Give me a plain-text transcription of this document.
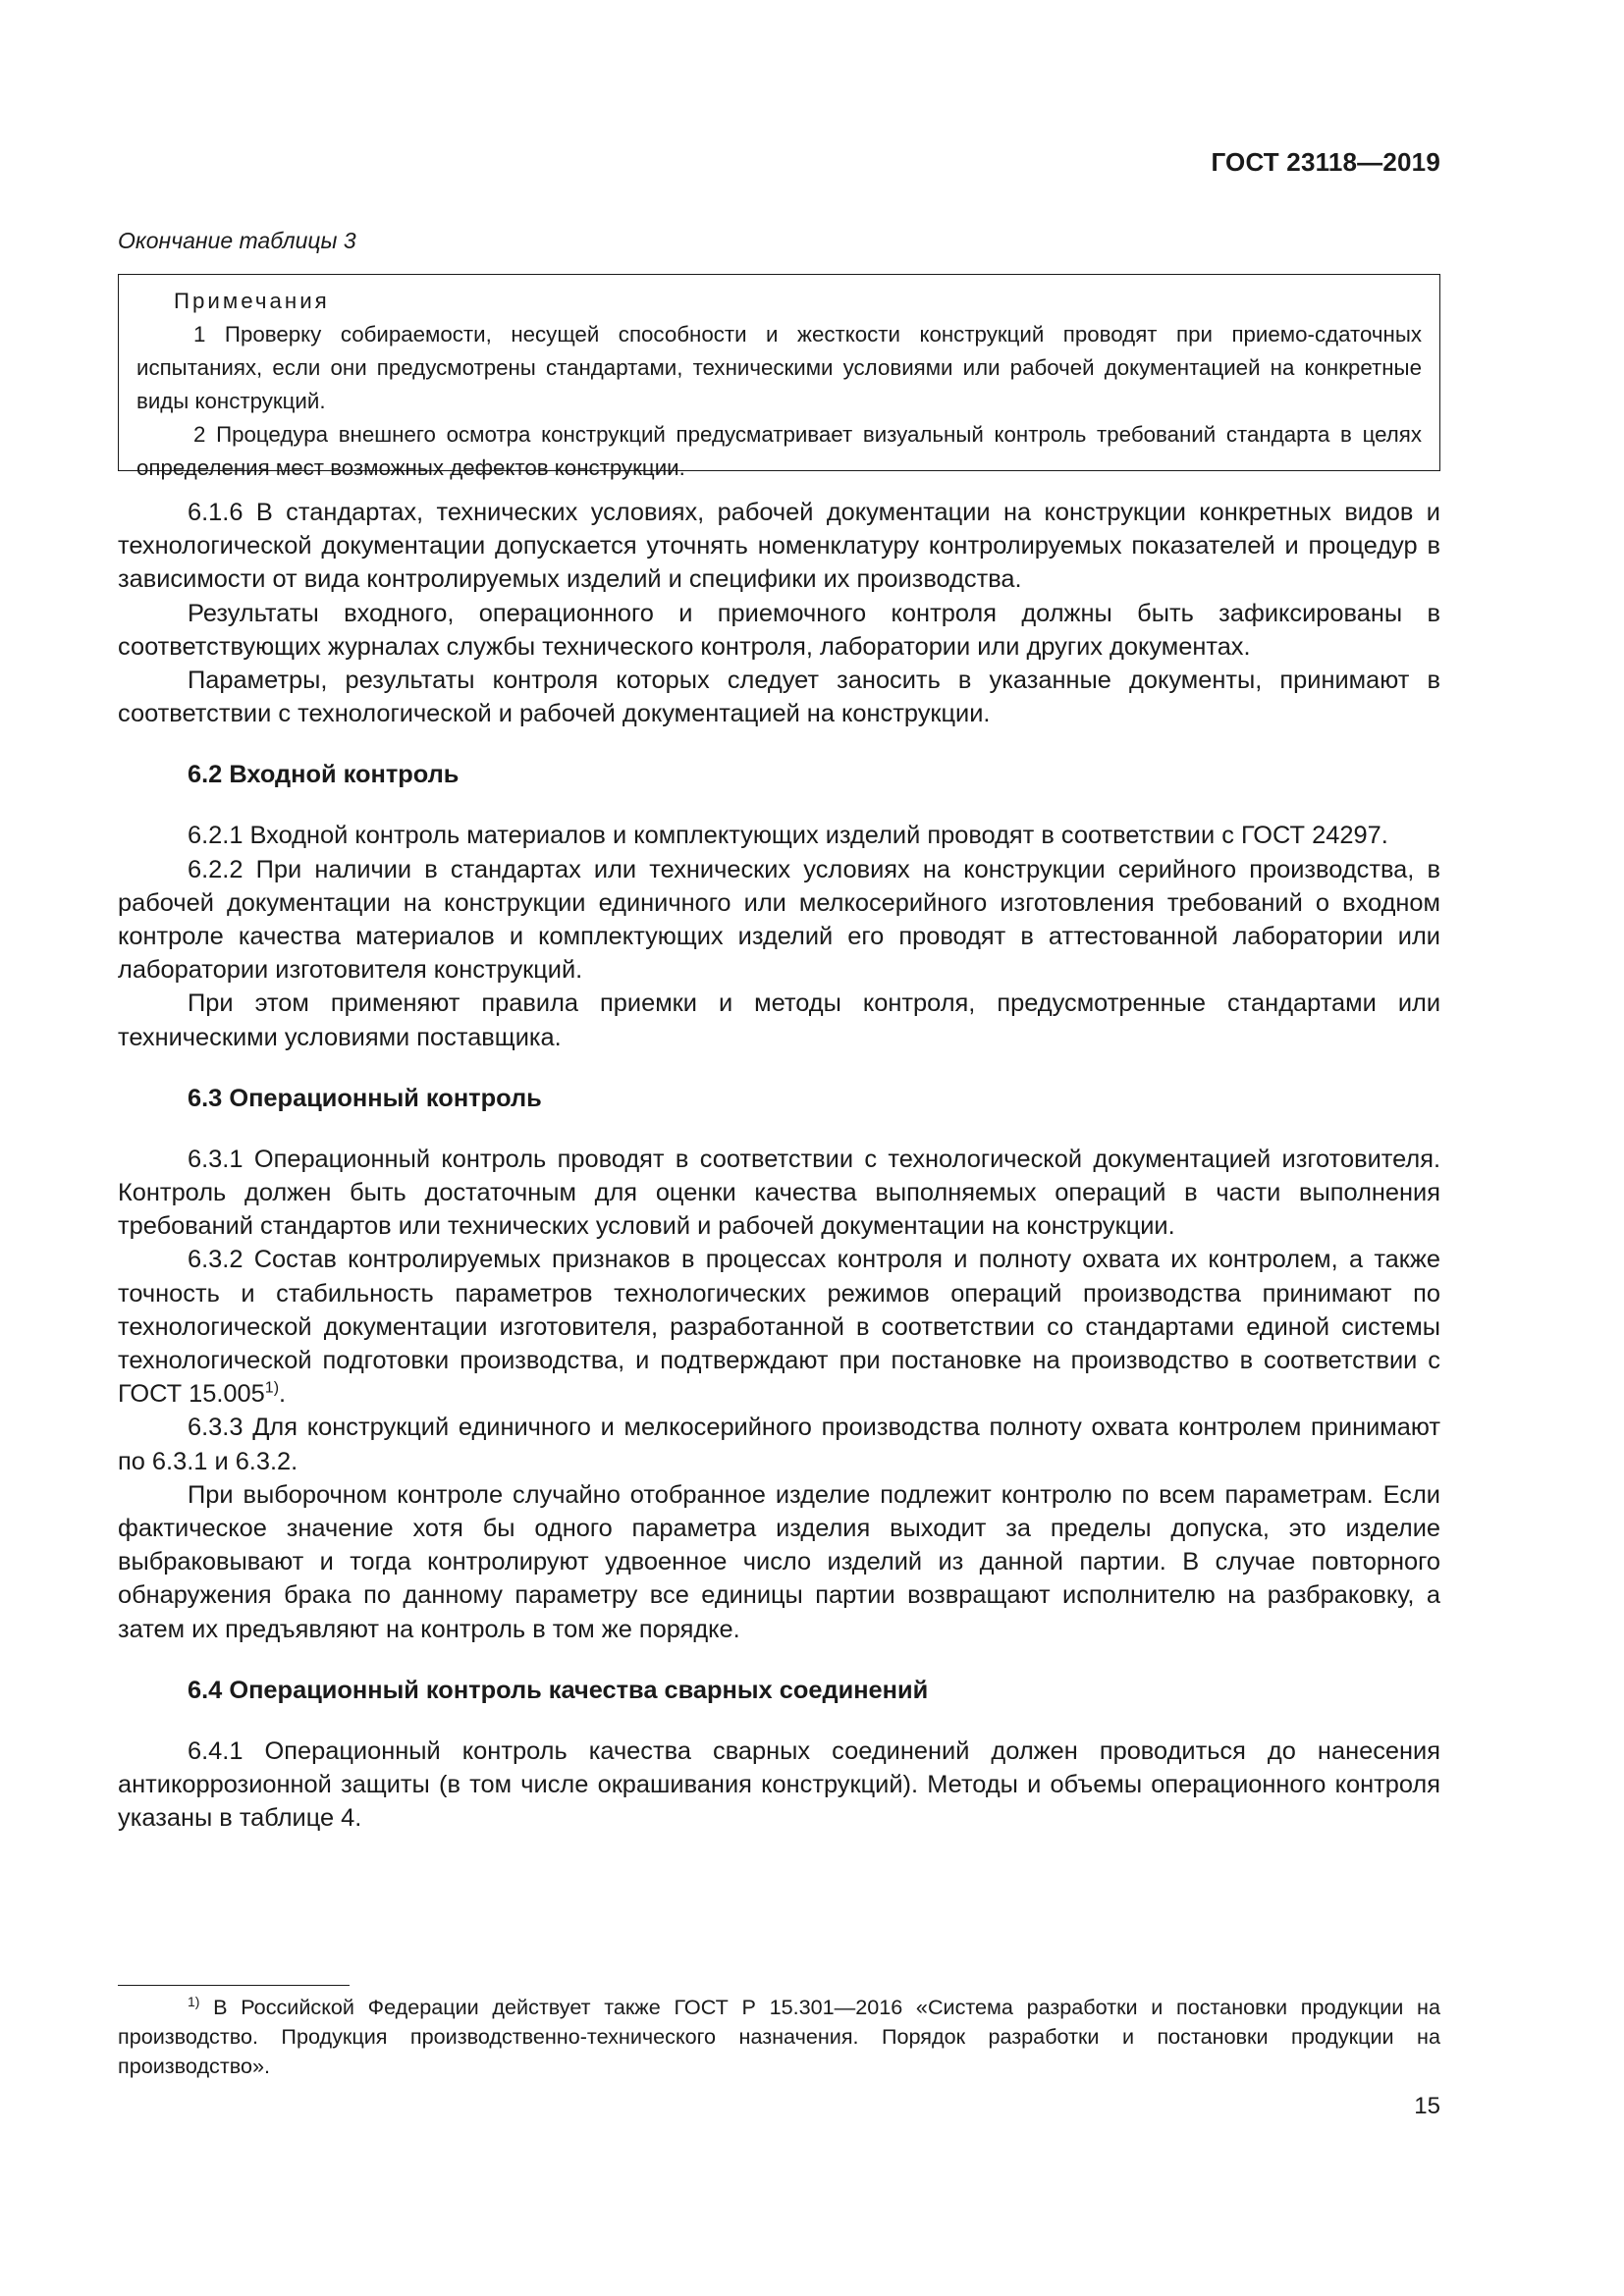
ГОСТ 23118—2019
Окончание таблицы 3
Примечания

1 Проверку собираемости, несущей способности и жесткости конструкций проводят при приемо-сдаточных испытаниях, если они предусмотрены стандартами, техническими условиями или рабочей документацией на конкретные виды конструкций.

2 Процедура внешнего осмотра конструкций предусматривает визуальный контроль требований стандарта в целях определения мест возможных дефектов конструкции.

6.1.6 В стандартах, технических условиях, рабочей документации на конструкции конкретных видов и технологической документации допускается уточнять номенклатуру контролируемых показателей и процедур в зависимости от вида контролируемых изделий и специфики их производства.

Результаты входного, операционного и приемочного контроля должны быть зафиксированы в соответствующих журналах службы технического контроля, лаборатории или других документах.

Параметры, результаты контроля которых следует заносить в указанные документы, принимают в соответствии с технологической и рабочей документацией на конструкции.

6.2 Входной контроль

6.2.1 Входной контроль материалов и комплектующих изделий проводят в соответствии с ГОСТ 24297.

6.2.2 При наличии в стандартах или технических условиях на конструкции серийного производства, в рабочей документации на конструкции единичного или мелкосерийного изготовления требований о входном контроле качества материалов и комплектующих изделий его проводят в аттестованной лаборатории или лаборатории изготовителя конструкций.

При этом применяют правила приемки и методы контроля, предусмотренные стандартами или техническими условиями поставщика.

6.3 Операционный контроль

6.3.1 Операционный контроль проводят в соответствии с технологической документацией изготовителя. Контроль должен быть достаточным для оценки качества выполняемых операций в части выполнения требований стандартов или технических условий и рабочей документации на конструкции.

6.3.2 Состав контролируемых признаков в процессах контроля и полноту охвата их контролем, а также точность и стабильность параметров технологических режимов операций производства принимают по технологической документации изготовителя, разработанной в соответствии со стандартами единой системы технологической подготовки производства, и подтверждают при постановке на производство в соответствии с ГОСТ 15.005$^{1)}$.

6.3.3 Для конструкций единичного и мелкосерийного производства полноту охвата контролем принимают по 6.3.1 и 6.3.2.

При выборочном контроле случайно отобранное изделие подлежит контролю по всем параметрам. Если фактическое значение хотя бы одного параметра изделия выходит за пределы допуска, это изделие выбраковывают и тогда контролируют удвоенное число изделий из данной партии. В случае повторного обнаружения брака по данному параметру все единицы партии возвращают исполнителю на разбраковку, а затем их предъявляют на контроль в том же порядке.

6.4 Операционный контроль качества сварных соединений

6.4.1 Операционный контроль качества сварных соединений должен проводиться до нанесения антикоррозионной защиты (в том числе окрашивания конструкций). Методы и объемы операционного контроля указаны в таблице 4.

$^{1)}$ В Российской Федерации действует также ГОСТ Р 15.301—2016 «Система разработки и постановки продукции на производство. Продукция производственно-технического назначения. Порядок разработки и постановки продукции на производство».

15
